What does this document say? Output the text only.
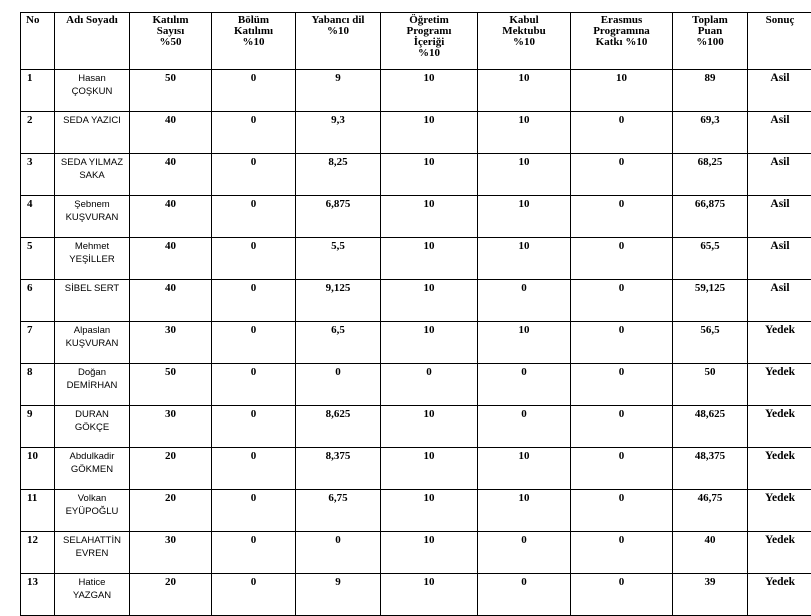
No	Adı Soyadı	Katılım
Sayısı
%50	Bölüm
Katılımı
%10	Yabancı dil
%10	Öğretim
Programı
İçeriği
%10	Kabul
Mektubu
%10	Erasmus
Programına
Katkı %10	Toplam
Puan
%100	Sonuç

1	Hasan
ÇOŞKUN	50	0	9	10	10	10	89	Asil
2	SEDA YAZICI	40	0	9,3	10	10	0	69,3	Asil
3	SEDA YILMAZ
SAKA	40	0	8,25	10	10	0	68,25	Asil
4	Şebnem
KUŞVURAN	40	0	6,875	10	10	0	66,875	Asil
5	Mehmet
YEŞİLLER	40	0	5,5	10	10	0	65,5	Asil
6	SİBEL SERT	40	0	9,125	10	0	0	59,125	Asil
7	Alpaslan
KUŞVURAN	30	0	6,5	10	10	0	56,5	Yedek
8	Doğan
DEMİRHAN	50	0	0	0	0	0	50	Yedek
9	DURAN
GÖKÇE	30	0	8,625	10	0	0	48,625	Yedek
10	Abdulkadir
GÖKMEN	20	0	8,375	10	10	0	48,375	Yedek
11	Volkan
EYÜPOĞLU	20	0	6,75	10	10	0	46,75	Yedek
12	SELAHATTİN
EVREN	30	0	0	10	0	0	40	Yedek
13	Hatice
YAZGAN	20	0	9	10	0	0	39	Yedek
